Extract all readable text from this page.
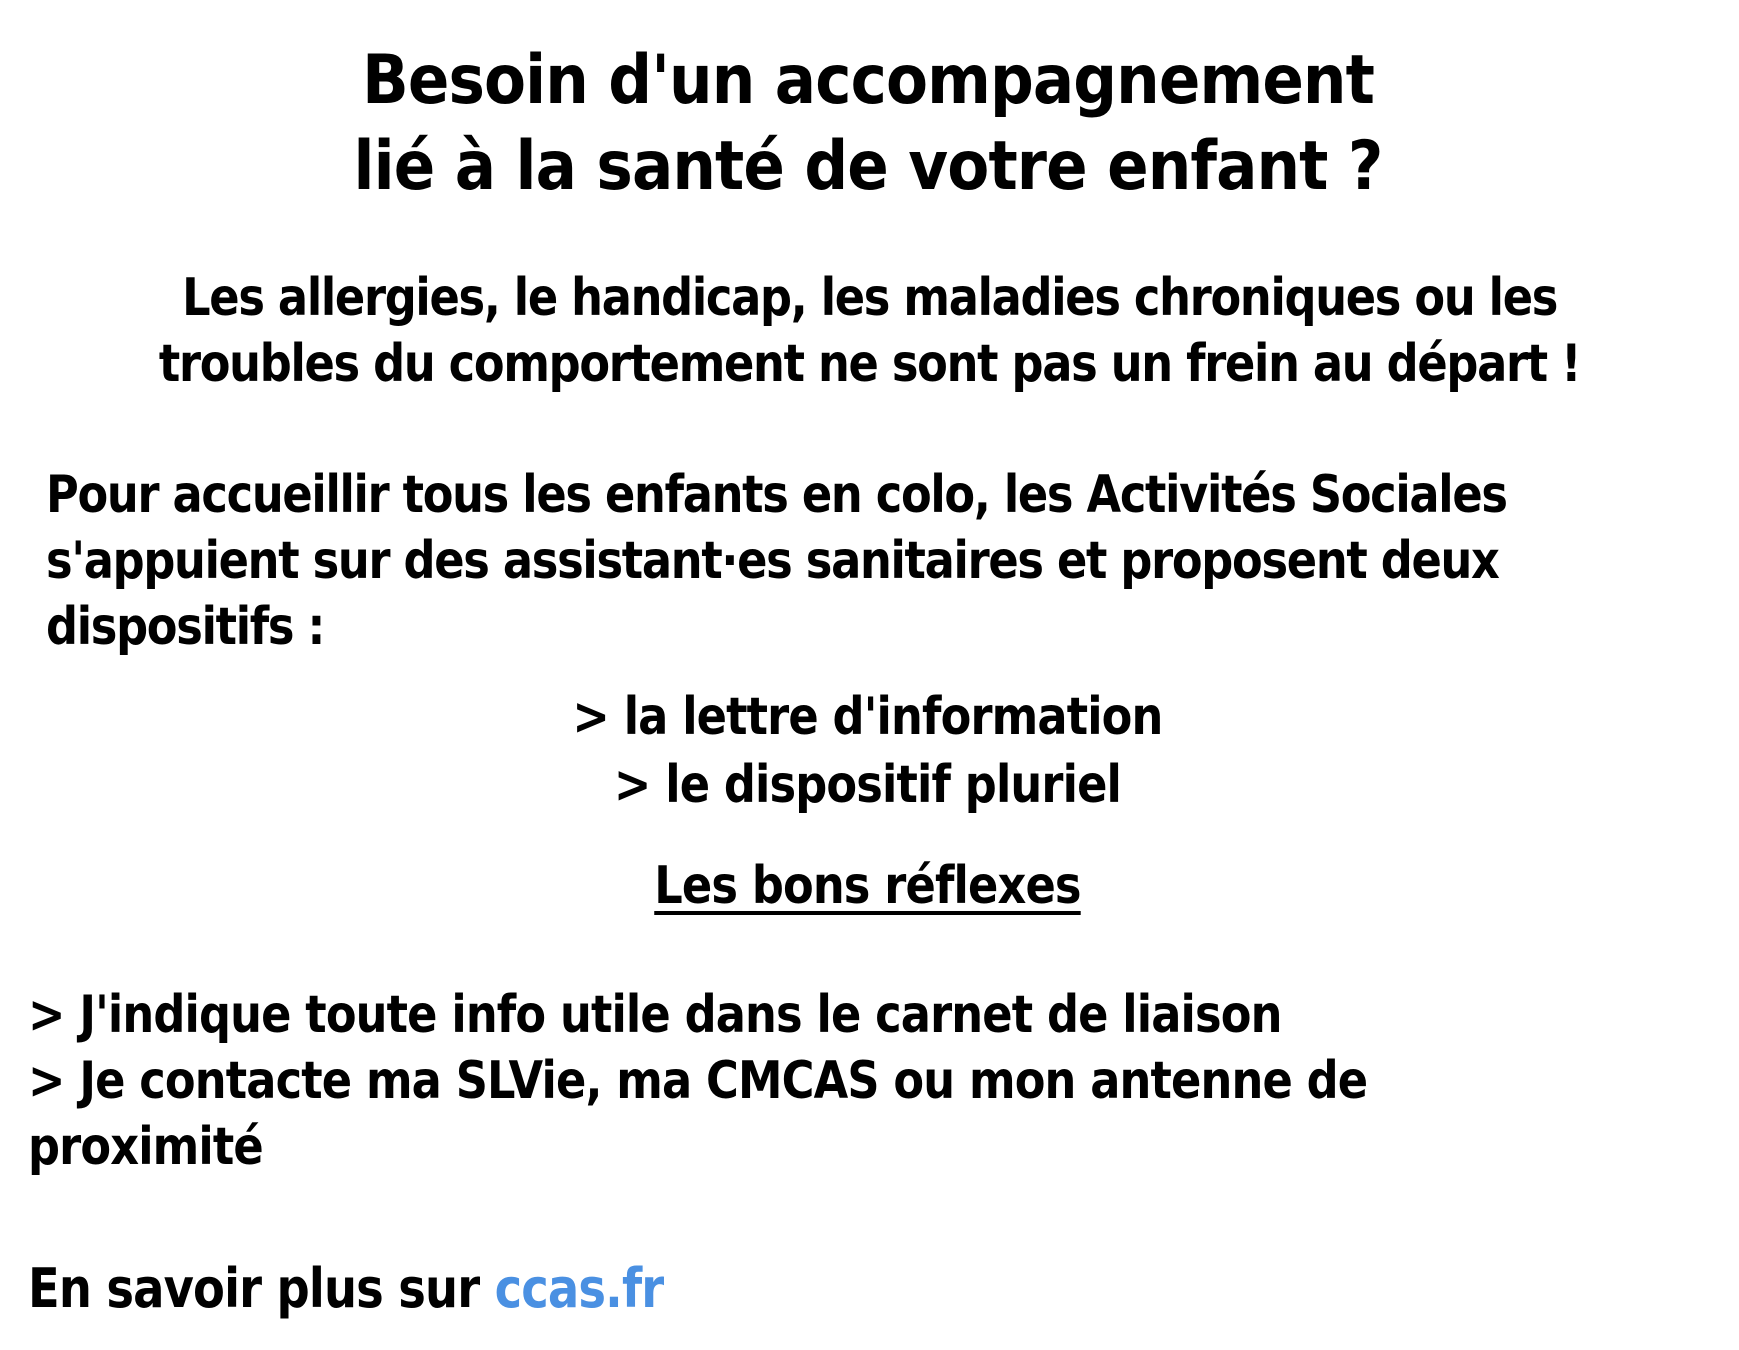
Besoin d'un accompagnement
lié à la santé de votre enfant ?
Les allergies, le handicap, les maladies chroniques ou les
troubles du comportement ne sont pas un frein au départ !
Pour accueillir tous les enfants en colo, les Activités Sociales
s'appuient sur des assistant·es sanitaires et proposent deux
dispositifs :
> la lettre d'information
> le dispositif pluriel
Les bons réflexes
> J'indique toute info utile dans le carnet de liaison
> Je contacte ma SLVie, ma CMCAS ou mon antenne de
proximité
En savoir plus sur ccas.fr
